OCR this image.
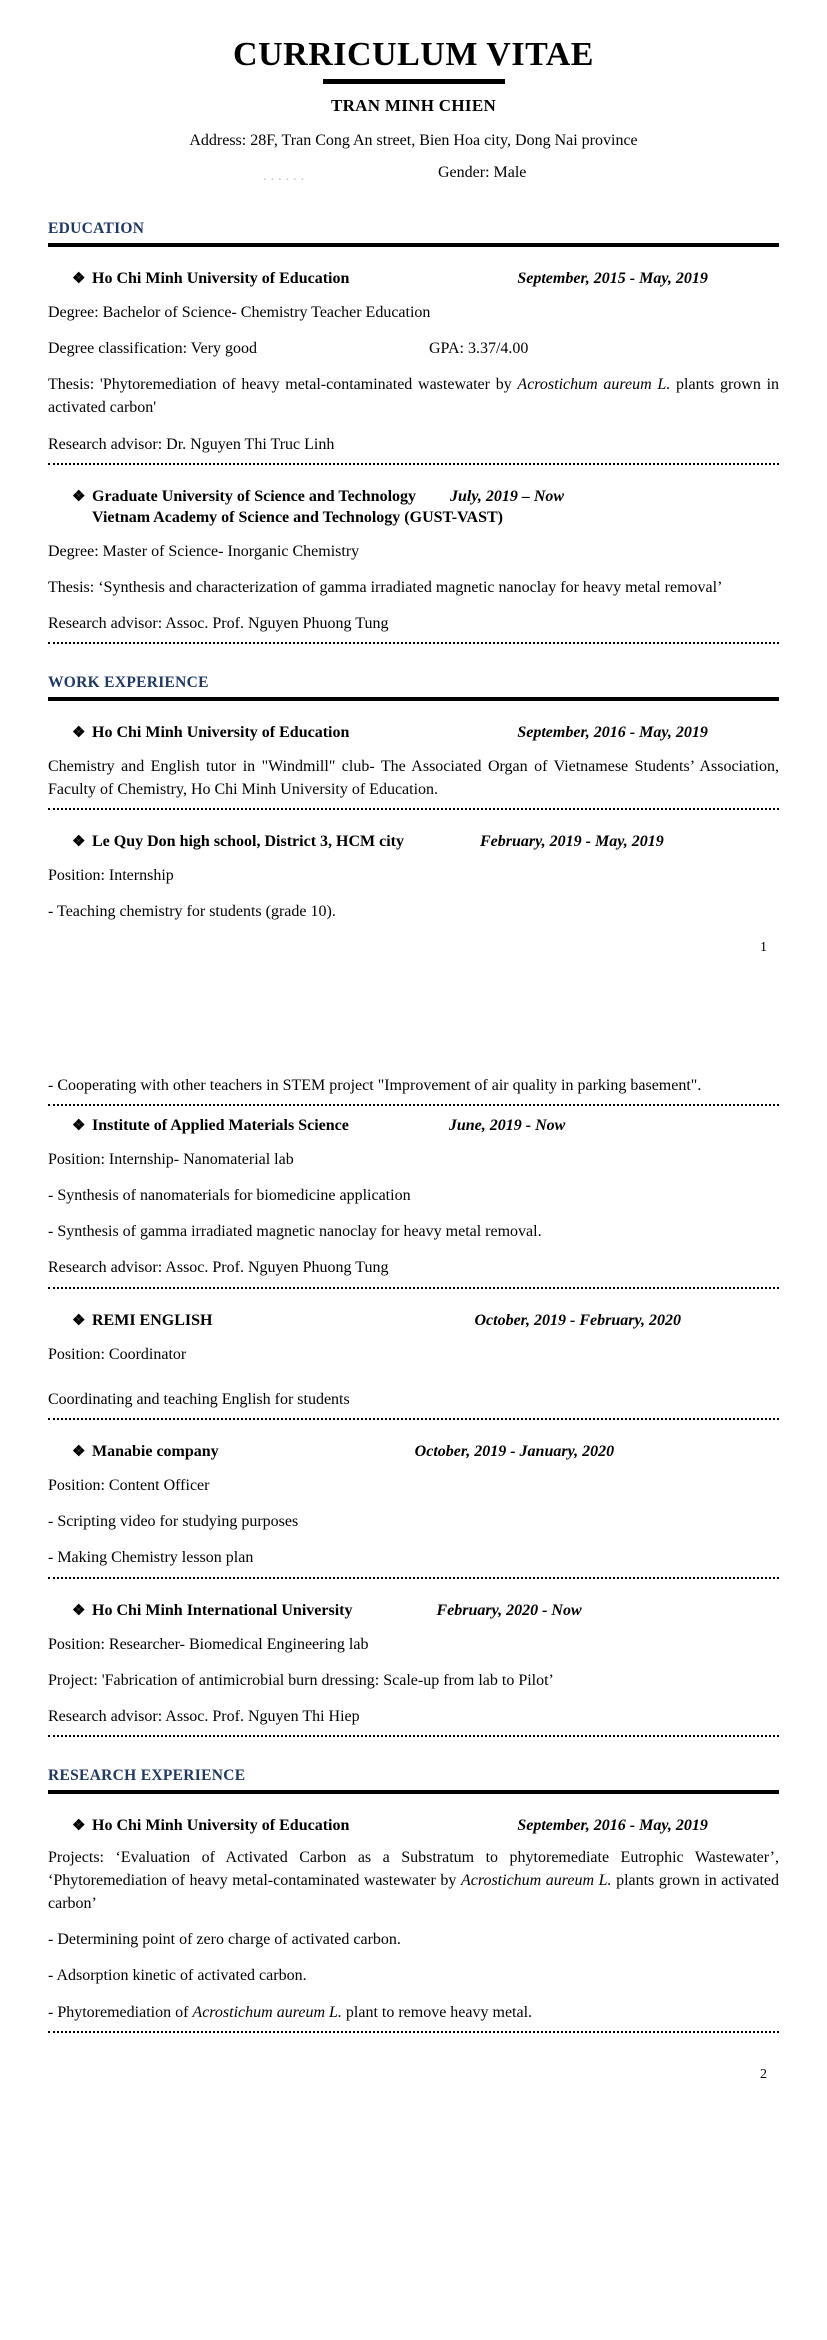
CURRICULUM VITAE
TRAN MINH CHIEN
Address: 28F, Tran Cong An street, Bien Hoa city, Dong Nai province
. . . . . .	Gender: Male
EDUCATION
❖ Ho Chi Minh University of Education	September, 2015 - May, 2019
Degree: Bachelor of Science- Chemistry Teacher Education
Degree classification: Very good	GPA: 3.37/4.00
Thesis: 'Phytoremediation of heavy metal-contaminated wastewater by Acrostichum aureum L. plants grown in activated carbon'
Research advisor: Dr. Nguyen Thi Truc Linh
❖ Graduate University of Science and Technology July, 2019 – Now
Vietnam Academy of Science and Technology (GUST-VAST)
Degree: Master of Science- Inorganic Chemistry
Thesis: ‘Synthesis and characterization of gamma irradiated magnetic nanoclay for heavy metal removal’
Research advisor: Assoc. Prof. Nguyen Phuong Tung
WORK EXPERIENCE
❖ Ho Chi Minh University of Education	September, 2016 - May, 2019
Chemistry and English tutor in "Windmill" club- The Associated Organ of Vietnamese Students’ Association, Faculty of Chemistry, Ho Chi Minh University of Education.
❖ Le Quy Don high school, District 3, HCM city	February, 2019 - May, 2019
Position: Internship
- Teaching chemistry for students (grade 10).
1
- Cooperating with other teachers in STEM project "Improvement of air quality in parking basement".
❖ Institute of Applied Materials Science	June, 2019 - Now
Position: Internship- Nanomaterial lab
- Synthesis of nanomaterials for biomedicine application
- Synthesis of gamma irradiated magnetic nanoclay for heavy metal removal.
Research advisor: Assoc. Prof. Nguyen Phuong Tung
❖ REMI ENGLISH	October, 2019 - February, 2020
Position: Coordinator
Coordinating and teaching English for students
❖ Manabie company	October, 2019 - January, 2020
Position: Content Officer
- Scripting video for studying purposes
- Making Chemistry lesson plan
❖ Ho Chi Minh International University	February, 2020 - Now
Position: Researcher- Biomedical Engineering lab
Project: 'Fabrication of antimicrobial burn dressing: Scale-up from lab to Pilot’
Research advisor: Assoc. Prof. Nguyen Thi Hiep
RESEARCH EXPERIENCE
❖ Ho Chi Minh University of Education	September, 2016 - May, 2019
Projects: ‘Evaluation of Activated Carbon as a Substratum to phytoremediate Eutrophic Wastewater’, ‘Phytoremediation of heavy metal-contaminated wastewater by Acrostichum aureum L. plants grown in activated carbon’
- Determining point of zero charge of activated carbon.
- Adsorption kinetic of activated carbon.
- Phytoremediation of Acrostichum aureum L. plant to remove heavy metal.
2
